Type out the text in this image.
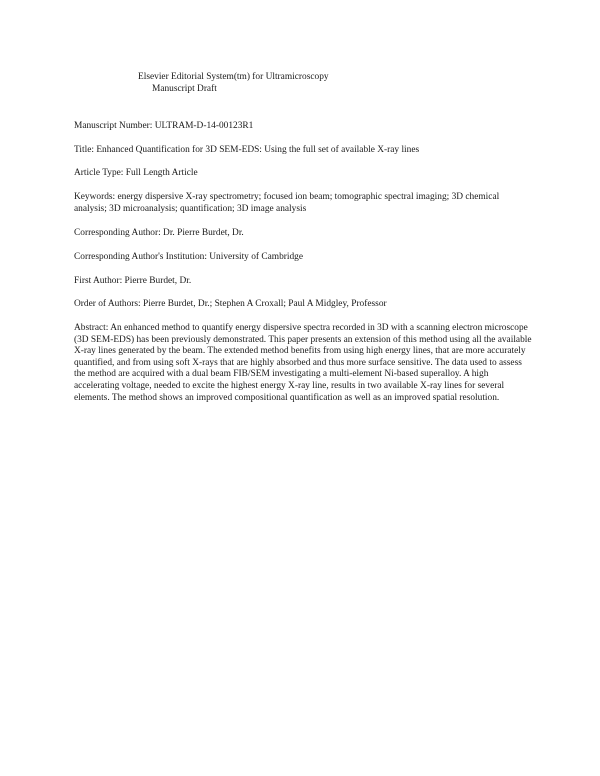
Elsevier Editorial System(tm) for Ultramicroscopy
Manuscript Draft
Manuscript Number: ULTRAM-D-14-00123R1
Title: Enhanced Quantification for 3D SEM-EDS: Using the full set of available X-ray lines
Article Type: Full Length Article
Keywords: energy dispersive X-ray spectrometry; focused ion beam; tomographic spectral imaging; 3D chemical analysis; 3D microanalysis; quantification; 3D image analysis
Corresponding Author: Dr. Pierre Burdet, Dr.
Corresponding Author's Institution: University of Cambridge
First Author: Pierre Burdet, Dr.
Order of Authors: Pierre Burdet, Dr.; Stephen A Croxall; Paul A Midgley, Professor
Abstract: An enhanced method to quantify energy dispersive spectra recorded in 3D with a scanning electron microscope (3D SEM-EDS) has been previously demonstrated. This paper presents an extension of this method using all the available X-ray lines generated by the beam. The extended method benefits from using high energy lines, that are more accurately quantified, and from using soft X-rays that are highly absorbed and thus more surface sensitive. The data used to assess the method are acquired with a dual beam FIB/SEM investigating a multi-element Ni-based superalloy. A high accelerating voltage, needed to excite the highest energy X-ray line, results in two available X-ray lines for several elements. The method shows an improved compositional quantification as well as an improved spatial resolution.
